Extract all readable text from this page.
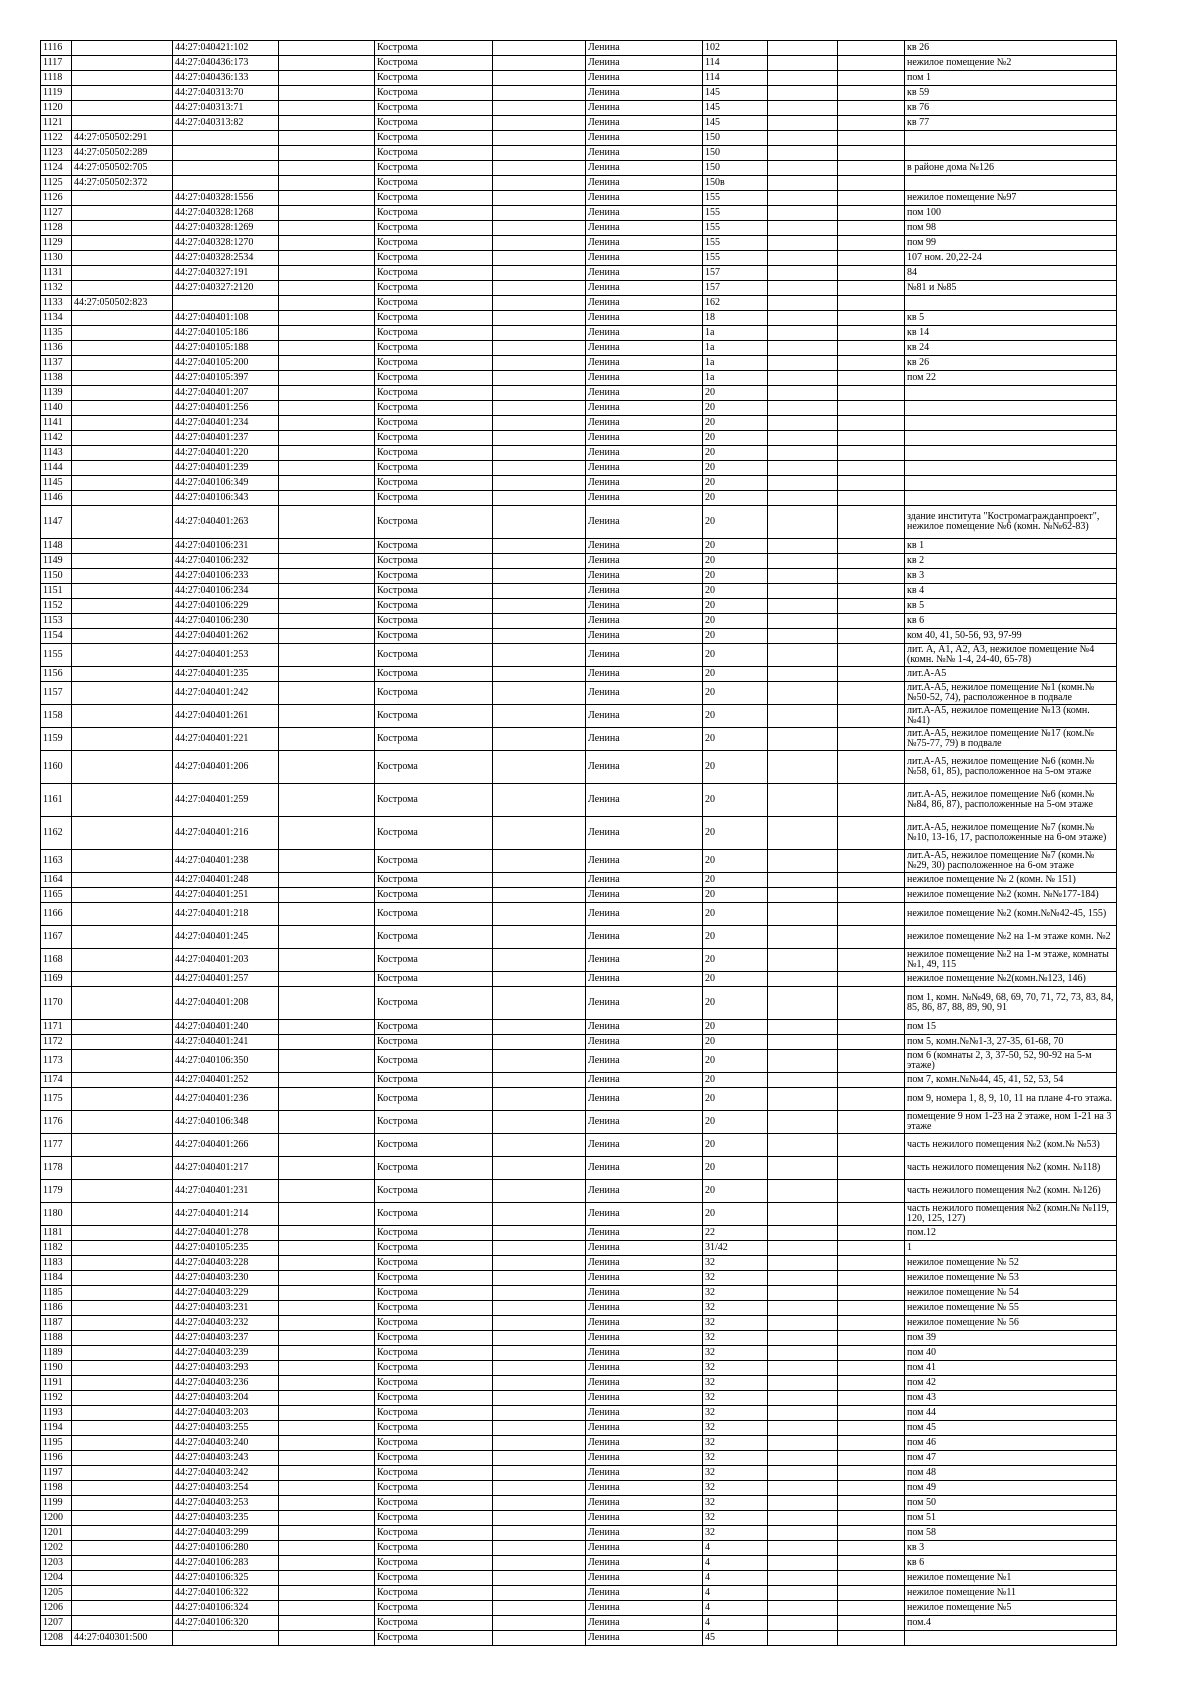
1116		44:27:040421:102		Кострома		Ленина	102			кв 26
1117		44:27:040436:173		Кострома		Ленина	114			нежилое помещение №2
1118		44:27:040436:133		Кострома		Ленина	114			пом 1
1119		44:27:040313:70		Кострома		Ленина	145			кв 59
1120		44:27:040313:71		Кострома		Ленина	145			кв 76
1121		44:27:040313:82		Кострома		Ленина	145			кв 77
1122	44:27:050502:291			Кострома		Ленина	150			
1123	44:27:050502:289			Кострома		Ленина	150			
1124	44:27:050502:705			Кострома		Ленина	150			в районе дома №126
1125	44:27:050502:372			Кострома		Ленина	150в			
1126		44:27:040328:1556		Кострома		Ленина	155			нежилое помещение №97
1127		44:27:040328:1268		Кострома		Ленина	155			пом 100
1128		44:27:040328:1269		Кострома		Ленина	155			пом 98
1129		44:27:040328:1270		Кострома		Ленина	155			пом 99
1130		44:27:040328:2534		Кострома		Ленина	155			107 ном. 20,22-24
1131		44:27:040327:191		Кострома		Ленина	157			84
1132		44:27:040327:2120		Кострома		Ленина	157			№81 и №85
1133	44:27:050502:823			Кострома		Ленина	162			
1134		44:27:040401:108		Кострома		Ленина	18			кв 5
1135		44:27:040105:186		Кострома		Ленина	1а			кв 14
1136		44:27:040105:188		Кострома		Ленина	1а			кв 24
1137		44:27:040105:200		Кострома		Ленина	1а			кв 26
1138		44:27:040105:397		Кострома		Ленина	1а			пом 22
1139		44:27:040401:207		Кострома		Ленина	20			
1140		44:27:040401:256		Кострома		Ленина	20			
1141		44:27:040401:234		Кострома		Ленина	20			
1142		44:27:040401:237		Кострома		Ленина	20			
1143		44:27:040401:220		Кострома		Ленина	20			
1144		44:27:040401:239		Кострома		Ленина	20			
1145		44:27:040106:349		Кострома		Ленина	20			
1146		44:27:040106:343		Кострома		Ленина	20			
1147		44:27:040401:263		Кострома		Ленина	20			здание института "Костромагражданпроект", нежилое помещение №6 (комн. №№62-83)
1148		44:27:040106:231		Кострома		Ленина	20			кв 1
1149		44:27:040106:232		Кострома		Ленина	20			кв 2
1150		44:27:040106:233		Кострома		Ленина	20			кв 3
1151		44:27:040106:234		Кострома		Ленина	20			кв 4
1152		44:27:040106:229		Кострома		Ленина	20			кв 5
1153		44:27:040106:230		Кострома		Ленина	20			кв 6
1154		44:27:040401:262		Кострома		Ленина	20			ком 40, 41, 50-56, 93, 97-99
1155		44:27:040401:253		Кострома		Ленина	20			лит. А, А1, А2, А3, нежилое помещение №4 (комн. №№ 1-4, 24-40, 65-78)
1156		44:27:040401:235		Кострома		Ленина	20			лит.А-А5
1157		44:27:040401:242		Кострома		Ленина	20			лит.А-А5, нежилое помещение №1 (комн.№ №50-52, 74), расположенное в подвале
1158		44:27:040401:261		Кострома		Ленина	20			лит.А-А5, нежилое помещение №13 (комн. №41)
1159		44:27:040401:221		Кострома		Ленина	20			лит.А-А5, нежилое помещение №17 (ком.№ №75-77, 79) в подвале
1160		44:27:040401:206		Кострома		Ленина	20			лит.А-А5, нежилое помещение №6 (комн.№ №58, 61, 85), расположенное на 5-ом этаже
1161		44:27:040401:259		Кострома		Ленина	20			лит.А-А5, нежилое помещение №6 (комн.№ №84, 86, 87), расположенные на 5-ом этаже
1162		44:27:040401:216		Кострома		Ленина	20			лит.А-А5, нежилое помещение №7 (комн.№ №10, 13-16, 17, расположенные на 6-ом этаже)
1163		44:27:040401:238		Кострома		Ленина	20			лит.А-А5, нежилое помещение №7 (комн.№ №29, 30) расположенное на 6-ом этаже
1164		44:27:040401:248		Кострома		Ленина	20			нежилое помещение № 2 (комн. № 151)
1165		44:27:040401:251		Кострома		Ленина	20			нежилое помещение №2 (комн. №№177-184)
1166		44:27:040401:218		Кострома		Ленина	20			нежилое помещение №2 (комн.№№42-45, 155)
1167		44:27:040401:245		Кострома		Ленина	20			нежилое помещение №2 на 1-м этаже комн. №2
1168		44:27:040401:203		Кострома		Ленина	20			нежилое помещение №2 на 1-м этаже, комнаты №1, 49, 115
1169		44:27:040401:257		Кострома		Ленина	20			нежилое помещение №2(комн.№123, 146)
1170		44:27:040401:208		Кострома		Ленина	20			пом 1, комн. №№49, 68, 69, 70, 71, 72, 73, 83, 84, 85, 86, 87, 88, 89, 90, 91
1171		44:27:040401:240		Кострома		Ленина	20			пом 15
1172		44:27:040401:241		Кострома		Ленина	20			пом 5, комн.№№1-3, 27-35, 61-68, 70
1173		44:27:040106:350		Кострома		Ленина	20			пом 6 (комнаты 2, 3, 37-50, 52, 90-92 на 5-м этаже)
1174		44:27:040401:252		Кострома		Ленина	20			пом 7, комн.№№44, 45, 41, 52, 53, 54
1175		44:27:040401:236		Кострома		Ленина	20			пом 9, номера 1, 8, 9, 10, 11 на плане 4-го этажа.
1176		44:27:040106:348		Кострома		Ленина	20			помещение 9 ном 1-23 на 2 этаже, ном 1-21 на 3 этаже
1177		44:27:040401:266		Кострома		Ленина	20			часть нежилого помещения №2 (ком.№ №53)
1178		44:27:040401:217		Кострома		Ленина	20			часть нежилого помещения №2 (комн. №118)
1179		44:27:040401:231		Кострома		Ленина	20			часть нежилого помещения №2 (комн. №126)
1180		44:27:040401:214		Кострома		Ленина	20			часть нежилого помещения №2 (комн.№ №119, 120, 125, 127)
1181		44:27:040401:278		Кострома		Ленина	22			пом.12
1182		44:27:040105:235		Кострома		Ленина	31/42			1
1183		44:27:040403:228		Кострома		Ленина	32			нежилое помещение № 52
1184		44:27:040403:230		Кострома		Ленина	32			нежилое помещение № 53
1185		44:27:040403:229		Кострома		Ленина	32			нежилое помещение № 54
1186		44:27:040403:231		Кострома		Ленина	32			нежилое помещение № 55
1187		44:27:040403:232		Кострома		Ленина	32			нежилое помещение № 56
1188		44:27:040403:237		Кострома		Ленина	32			пом 39
1189		44:27:040403:239		Кострома		Ленина	32			пом 40
1190		44:27:040403:293		Кострома		Ленина	32			пом 41
1191		44:27:040403:236		Кострома		Ленина	32			пом 42
1192		44:27:040403:204		Кострома		Ленина	32			пом 43
1193		44:27:040403:203		Кострома		Ленина	32			пом 44
1194		44:27:040403:255		Кострома		Ленина	32			пом 45
1195		44:27:040403:240		Кострома		Ленина	32			пом 46
1196		44:27:040403:243		Кострома		Ленина	32			пом 47
1197		44:27:040403:242		Кострома		Ленина	32			пом 48
1198		44:27:040403:254		Кострома		Ленина	32			пом 49
1199		44:27:040403:253		Кострома		Ленина	32			пом 50
1200		44:27:040403:235		Кострома		Ленина	32			пом 51
1201		44:27:040403:299		Кострома		Ленина	32			пом 58
1202		44:27:040106:280		Кострома		Ленина	4			кв 3
1203		44:27:040106:283		Кострома		Ленина	4			кв 6
1204		44:27:040106:325		Кострома		Ленина	4			нежилое помещение №1
1205		44:27:040106:322		Кострома		Ленина	4			нежилое помещение №11
1206		44:27:040106:324		Кострома		Ленина	4			нежилое помещение №5
1207		44:27:040106:320		Кострома		Ленина	4			пом.4
1208	44:27:040301:500			Кострома		Ленина	45			
